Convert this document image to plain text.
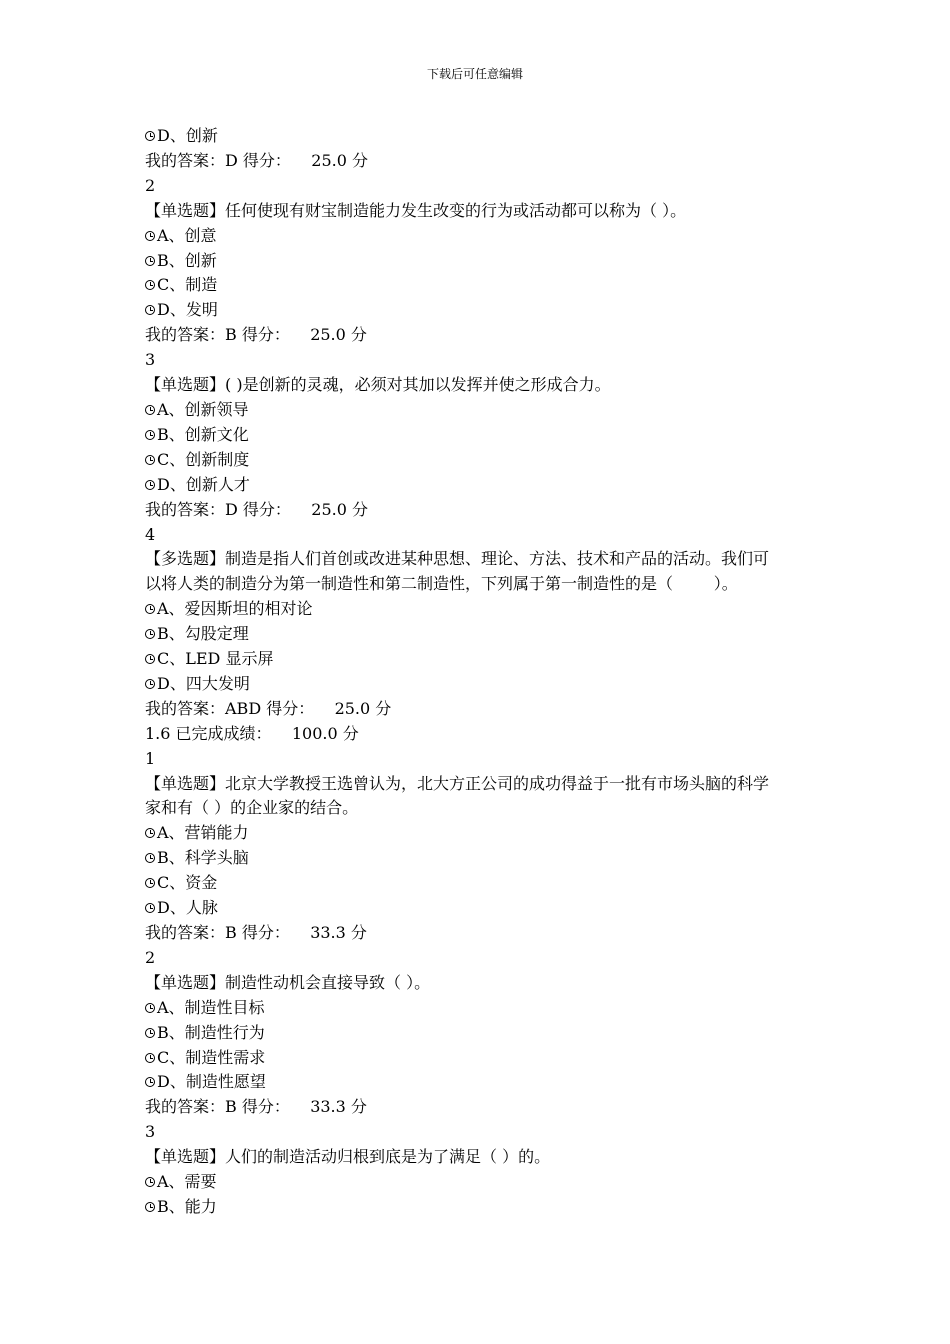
下载后可任意编辑
D、创新
我的答案：D 得分：    25.0 分
2
【单选题】任何使现有财宝制造能力发生改变的行为或活动都可以称为（ ）。
A、创意
B、创新
C、制造
D、发明
我的答案：B 得分：    25.0 分
3
【单选题】( )是创新的灵魂，必须对其加以发挥并使之形成合力。
A、创新领导
B、创新文化
C、创新制度
D、创新人才
我的答案：D 得分：    25.0 分
4
【多选题】制造是指人们首创或改进某种思想、理论、方法、技术和产品的活动。我们可
以将人类的制造分为第一制造性和第二制造性，下列属于第一制造性的是（        ）。
A、爱因斯坦的相对论
B、勾股定理
C、LED 显示屏
D、四大发明
我的答案：ABD 得分：    25.0 分
1.6 已完成成绩：    100.0 分
1
【单选题】北京大学教授王选曾认为，北大方正公司的成功得益于一批有市场头脑的科学
家和有（ ）的企业家的结合。
A、营销能力
B、科学头脑
C、资金
D、人脉
我的答案：B 得分：    33.3 分
2
【单选题】制造性动机会直接导致（ ）。
A、制造性目标
B、制造性行为
C、制造性需求
D、制造性愿望
我的答案：B 得分：    33.3 分
3
【单选题】人们的制造活动归根到底是为了满足（ ）的。
A、需要
B、能力
